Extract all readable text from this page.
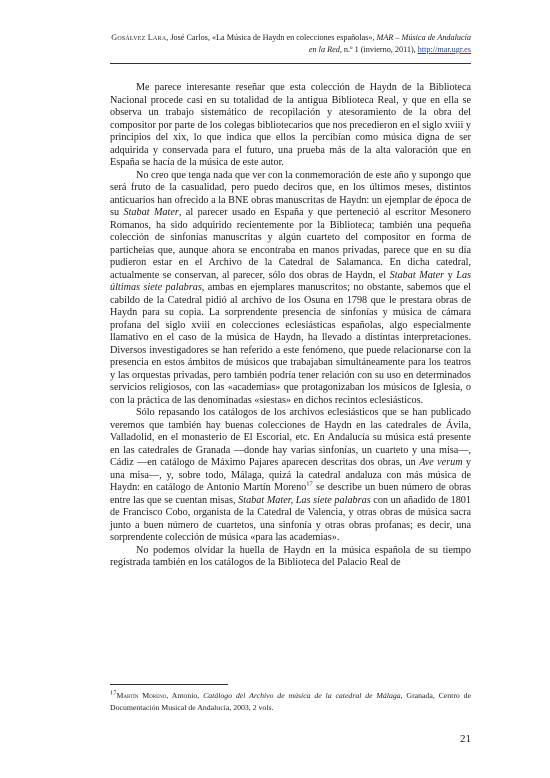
Gosálvez Lara, José Carlos, «La Música de Haydn en colecciones españolas», MAR – Música de Andalucía en la Red, n.º 1 (invierno, 2011), http://mar.ugr.es

Me parece interesante reseñar que esta colección de Haydn de la Biblioteca Nacional procede casi en su totalidad de la antigua Biblioteca Real, y que en ella se observa un trabajo sistemático de recopilación y atesoramiento de la obra del compositor por parte de los colegas bibliotecarios que nos precedieron en el siglo xviii y principios del xix, lo que indica que ellos la percibían como música digna de ser adquirida y conservada para el futuro, una prueba más de la alta valoración que en España se hacía de la música de este autor.

No creo que tenga nada que ver con la conmemoración de este año y supongo que será fruto de la casualidad, pero puedo deciros que, en los últimos meses, distintos anticuarios han ofrecido a la BNE obras manuscritas de Haydn: un ejemplar de época de su Stabat Mater, al parecer usado en España y que perteneció al escritor Mesonero Romanos, ha sido adquirido recientemente por la Biblioteca; también una pequeña colección de sinfonías manuscritas y algún cuarteto del compositor en forma de particheias que, aunque ahora se encontraba en manos privadas, parece que en su día pudieron estar en el Archivo de la Catedral de Salamanca. En dicha catedral, actualmente se conservan, al parecer, sólo dos obras de Haydn, el Stabat Mater y Las últimas siete palabras, ambas en ejemplares manuscritos; no obstante, sabemos que el cabildo de la Catedral pidió al archivo de los Osuna en 1798 que le prestara obras de Haydn para su copia. La sorprendente presencia de sinfonías y música de cámara profana del siglo xviii en colecciones eclesiásticas españolas, algo especialmente llamativo en el caso de la música de Haydn, ha llevado a distintas interpretaciones. Diversos investigadores se han referido a este fenómeno, que puede relacionarse con la presencia en estos ámbitos de músicos que trabajaban simultáneamente para los teatros y las orquestas privadas, pero también podría tener relación con su uso en determinados servicios religiosos, con las «academias» que protagonizaban los músicos de Iglesia, o con la práctica de las denominadas «siestas» en dichos recintos eclesiásticos.

Sólo repasando los catálogos de los archivos eclesiásticos que se han publicado veremos que también hay buenas colecciones de Haydn en las catedrales de Ávila, Valladolid, en el monasterio de El Escorial, etc. En Andalucía su música está presente en las catedrales de Granada —donde hay varias sinfonías, un cuarteto y una misa—, Cádiz —en catálogo de Máximo Pajares aparecen descritas dos obras, un Ave verum y una misa—, y, sobre todo, Málaga, quizá la catedral andaluza con más música de Haydn: en catálogo de Antonio Martín Moreno$^{17}$ se describe un buen número de obras entre las que se cuentan misas, Stabat Mater, Las siete palabras con un añadido de 1801 de Francisco Cobo, organista de la Catedral de Valencia, y otras obras de música sacra junto a buen número de cuartetos, una sinfonía y otras obras profanas; es decir, una sorprendente colección de música «para las academias».

No podemos olvidar la huella de Haydn en la música española de su tiempo registrada también en los catálogos de la Biblioteca del Palacio Real de

$^{17}$Martín Moreno, Antonio, Catálogo del Archivo de música de la catedral de Málaga, Granada, Centro de Documentación Musical de Andalucía, 2003, 2 vols.
21
